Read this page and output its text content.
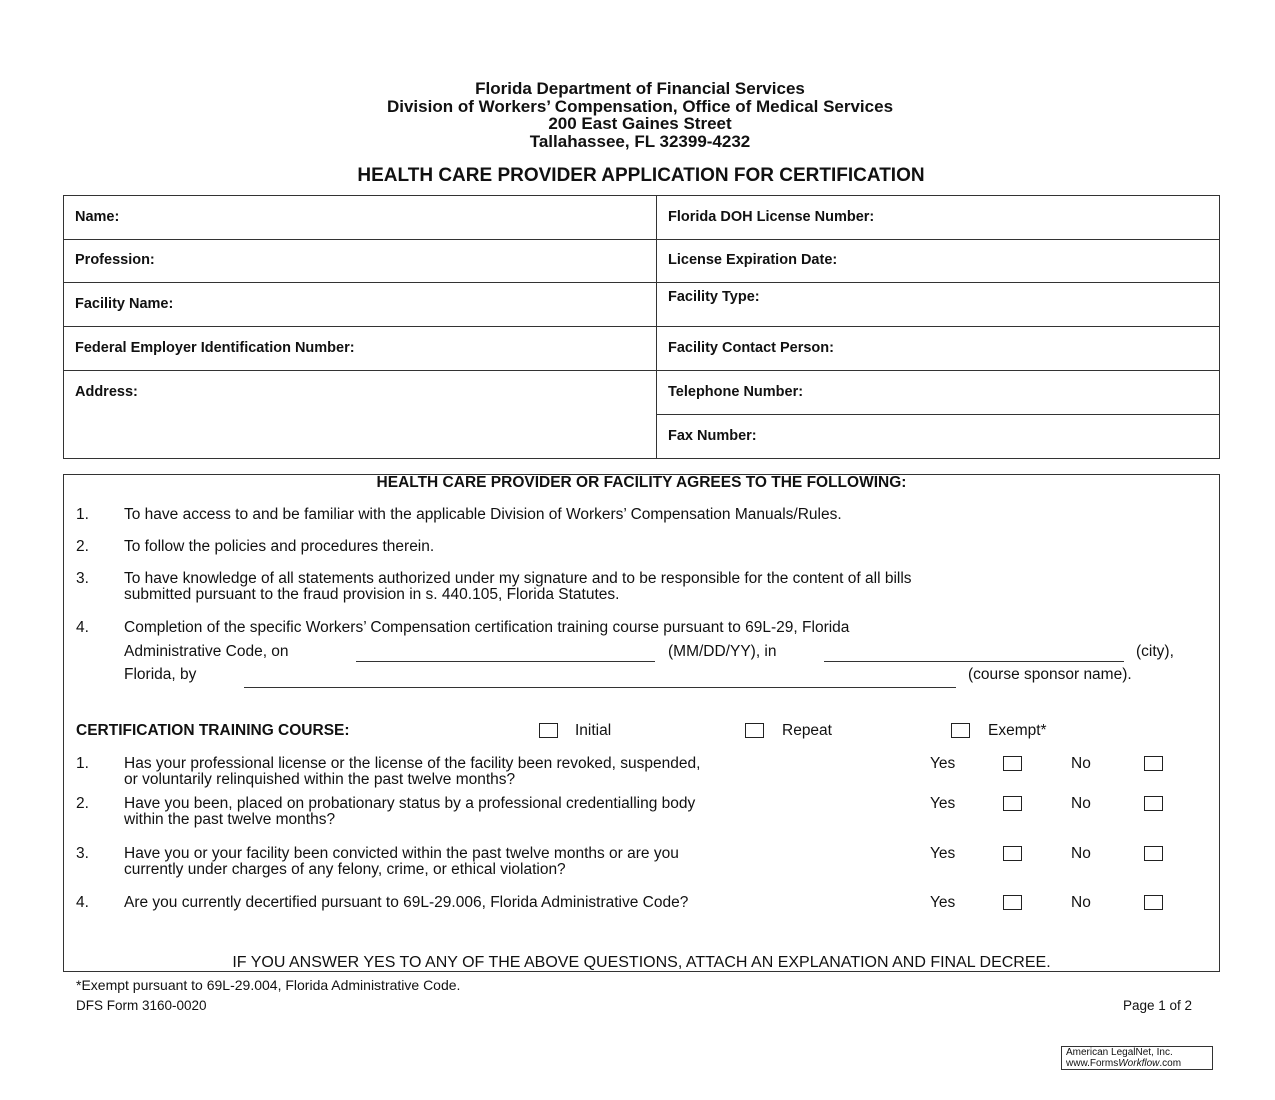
Florida Department of Financial Services
Division of Workers’ Compensation, Office of Medical Services
200 East Gaines Street
Tallahassee, FL 32399-4232
HEALTH CARE PROVIDER APPLICATION FOR CERTIFICATION
Name:	Florida DOH License Number:
Profession:	License Expiration Date:
Facility Name:	Facility Type:
Federal Employer Identification Number:	Facility Contact Person:
Address:	Telephone Number:
Fax Number:
HEALTH CARE PROVIDER OR FACILITY AGREES TO THE FOLLOWING:
1. To have access to and be familiar with the applicable Division of Workers’ Compensation Manuals/Rules.
2. To follow the policies and procedures therein.
3. To have knowledge of all statements authorized under my signature and to be responsible for the content of all bills
submitted pursuant to the fraud provision in s. 440.105, Florida Statutes.
4. Completion of the specific Workers’ Compensation certification training course pursuant to 69L-29, Florida
Administrative Code, on	(MM/DD/YY), in	(city),
Florida, by	(course sponsor name).
CERTIFICATION TRAINING COURSE:	Initial	Repeat	Exempt*
1. Has your professional license or the license of the facility been revoked, suspended,
or voluntarily relinquished within the past twelve months?
Yes	No
2. Have you been, placed on probationary status by a professional credentialling body
within the past twelve months?
Yes	No
3. Have you or your facility been convicted within the past twelve months or are you
currently under charges of any felony, crime, or ethical violation?
Yes	No
4. Are you currently decertified pursuant to 69L-29.006, Florida Administrative Code?	Yes	No
IF YOU ANSWER YES TO ANY OF THE ABOVE QUESTIONS, ATTACH AN EXPLANATION AND FINAL DECREE.
*Exempt pursuant to 69L-29.004, Florida Administrative Code.
DFS Form 3160-0020	Page 1 of 2
American LegalNet, Inc.
www.FormsWorkflow.com
